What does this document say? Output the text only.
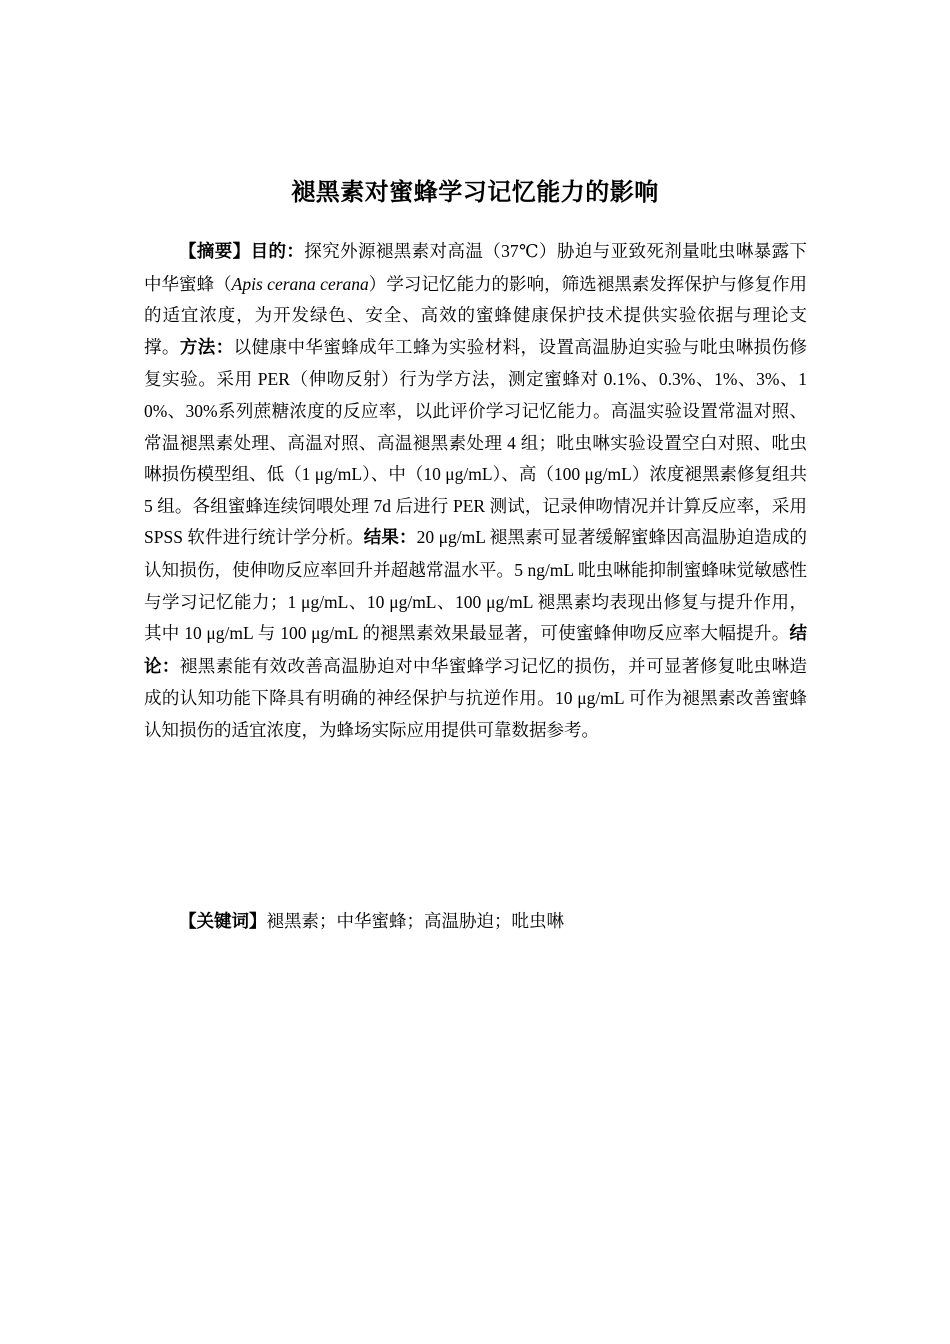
褪黑素对蜜蜂学习记忆能力的影响

【摘要】目的：探究外源褪黑素对高温（37℃）胁迫与亚致死剂量吡虫啉暴露下中华蜜蜂（Apis cerana cerana）学习记忆能力的影响，筛选褪黑素发挥保护与修复作用的适宜浓度，为开发绿色、安全、高效的蜜蜂健康保护技术提供实验依据与理论支撑。方法：以健康中华蜜蜂成年工蜂为实验材料，设置高温胁迫实验与吡虫啉损伤修复实验。采用 PER（伸吻反射）行为学方法，测定蜜蜂对 0.1%、0.3%、1%、3%、10%、30%系列蔗糖浓度的反应率，以此评价学习记忆能力。高温实验设置常温对照、常温褪黑素处理、高温对照、高温褪黑素处理 4 组；吡虫啉实验设置空白对照、吡虫啉损伤模型组、低（1 μg/mL）、中（10 μg/mL）、高（100 μg/mL）浓度褪黑素修复组共 5 组。各组蜜蜂连续饲喂处理 7d 后进行 PER 测试，记录伸吻情况并计算反应率，采用 SPSS 软件进行统计学分析。结果：20 μg/mL 褪黑素可显著缓解蜜蜂因高温胁迫造成的认知损伤，使伸吻反应率回升并超越常温水平。5 ng/mL 吡虫啉能抑制蜜蜂味觉敏感性与学习记忆能力；1 μg/mL、10 μg/mL、100 μg/mL 褪黑素均表现出修复与提升作用，其中 10 μg/mL 与 100 μg/mL 的褪黑素效果最显著，可使蜜蜂伸吻反应率大幅提升。结论：褪黑素能有效改善高温胁迫对中华蜜蜂学习记忆的损伤，并可显著修复吡虫啉造成的认知功能下降具有明确的神经保护与抗逆作用。10 μg/mL 可作为褪黑素改善蜜蜂认知损伤的适宜浓度，为蜂场实际应用提供可靠数据参考。

【关键词】褪黑素；中华蜜蜂；高温胁迫；吡虫啉
